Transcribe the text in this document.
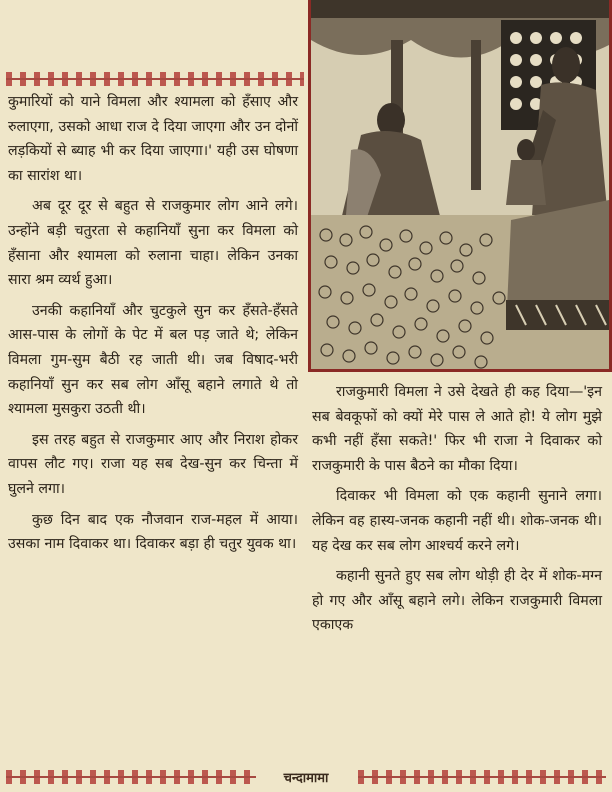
कुमारियों को याने विमला और श्यामला को हँसाए और रुलाएगा, उसको आधा राज दे दिया जाएगा और उन दोनों लड़कियों से ब्याह भी कर दिया जाएगा।' यही उस घोषणा का सारांश था।

अब दूर दूर से बहुत से राजकुमार लोग आने लगे। उन्होंने बड़ी चतुरता से कहानियाँ सुना कर विमला को हँसाना और श्यामला को रुलाना चाहा। लेकिन उनका सारा श्रम व्यर्थ हुआ।

उनकी कहानियाँ और चुटकुले सुन कर हँसते-हँसते आस-पास के लोगों के पेट में बल पड़ जाते थे; लेकिन विमला गुम-सुम बैठी रह जाती थी। जब विषाद-भरी कहानियाँ सुन कर सब लोग आँसू बहाने लगाते थे तो श्यामला मुसकुरा उठती थी।

इस तरह बहुत से राजकुमार आए और निराश होकर वापस लौट गए। राजा यह सब देख-सुन कर चिन्ता में घुलने लगा।

कुछ दिन बाद एक नौजवान राज-महल में आया। उसका नाम दिवाकर था। दिवाकर बड़ा ही चतुर युवक था।

राजकुमारी विमला ने उसे देखते ही कह दिया—'इन सब बेवकूफों को क्यों मेरे पास ले आते हो! ये लोग मुझे कभी नहीं हँसा सकते!' फिर भी राजा ने दिवाकर को राजकुमारी के पास बैठने का मौका दिया।

दिवाकर भी विमला को एक कहानी सुनाने लगा। लेकिन वह हास्य-जनक कहानी नहीं थी। शोक-जनक थी। यह देख कर सब लोग आश्चर्य करने लगे।

कहानी सुनते हुए सब लोग थोड़ी ही देर में शोक-मग्न हो गए और आँसू बहाने लगे। लेकिन राजकुमारी विमला एकाएक

चन्दामामा
